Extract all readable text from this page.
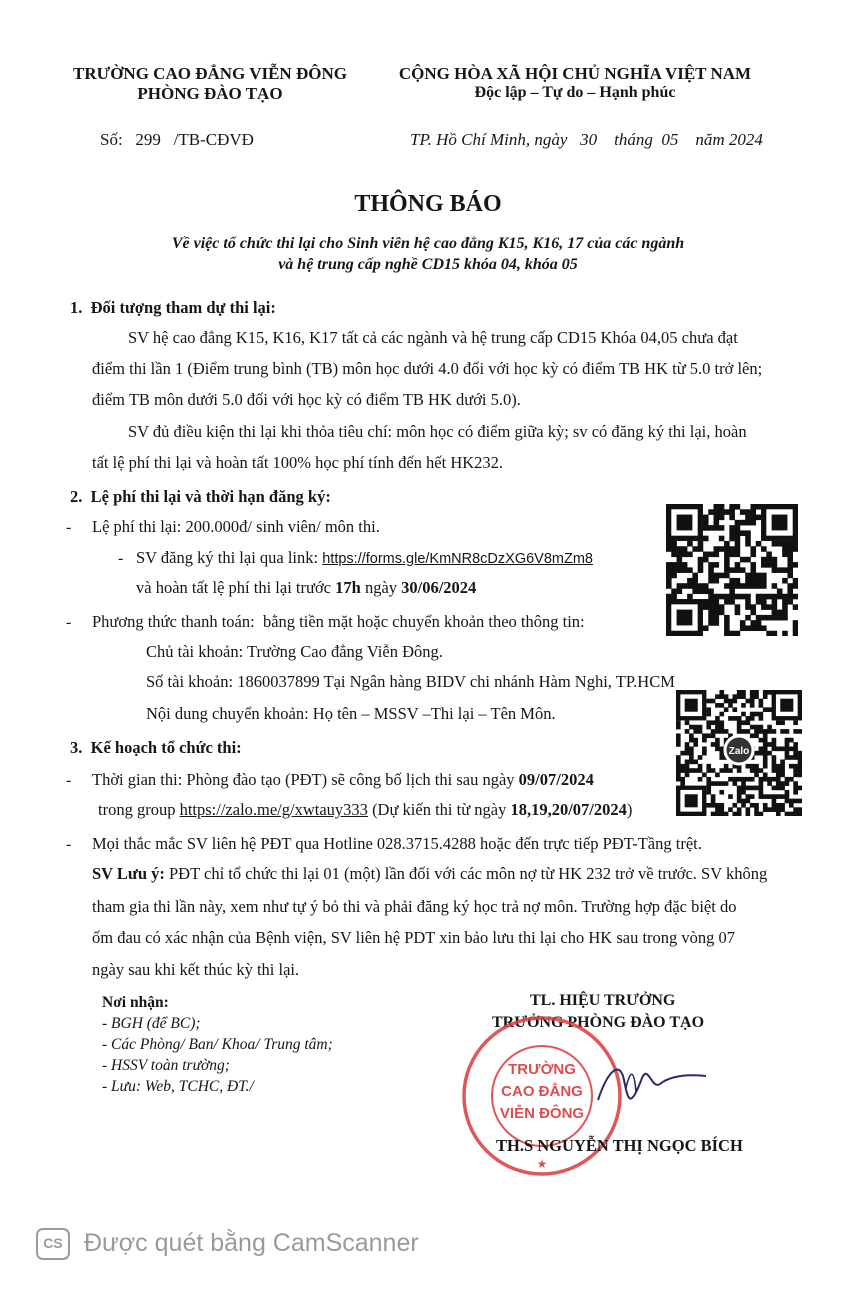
TRƯỜNG CAO ĐẲNG VIỄN ĐÔNG
PHÒNG ĐÀO TẠO
CỘNG HÒA XÃ HỘI CHỦ NGHĨA VIỆT NAM
Độc lập – Tự do – Hạnh phúc
Số:   299   /TB-CĐVĐ	TP. Hồ Chí Minh, ngày   30    tháng  05    năm 2024
THÔNG BÁO
Về việc tổ chức thi lại cho Sinh viên hệ cao đẳng K15, K16, 17 của các ngành
và hệ trung cấp nghề CD15 khóa 04, khóa 05
1.  Đối tượng tham dự thi lại:
SV hệ cao đẳng K15, K16, K17 tất cả các ngành và hệ trung cấp CD15 Khóa 04,05 chưa đạt
điểm thi lần 1 (Điểm trung bình (TB) môn học dưới 4.0 đối với học kỳ có điểm TB HK từ 5.0 trở lên;
điểm TB môn dưới 5.0 đối với học kỳ có điểm TB HK dưới 5.0).
SV đủ điều kiện thi lại khi thỏa tiêu chí: môn học có điểm giữa kỳ; sv có đăng ký thi lại, hoàn
tất lệ phí thi lại và hoàn tất 100% học phí tính đến hết HK232.
2.  Lệ phí thi lại và thời hạn đăng ký:
- Lệ phí thi lại: 200.000đ/ sinh viên/ môn thi.
- SV đăng ký thi lại qua link: https://forms.gle/KmNR8cDzXG6V8mZm8
và hoàn tất lệ phí thi lại trước 17h ngày 30/06/2024
- Phương thức thanh toán:  bằng tiền mặt hoặc chuyển khoản theo thông tin:
Chủ tài khoản: Trường Cao đẳng Viễn Đông.
Số tài khoản: 1860037899 Tại Ngân hàng BIDV chi nhánh Hàm Nghi, TP.HCM
Nội dung chuyển khoản: Họ tên – MSSV –Thi lại – Tên Môn.
Zalo
3.  Kế hoạch tổ chức thi:
- Thời gian thi: Phòng đào tạo (PĐT) sẽ công bố lịch thi sau ngày 09/07/2024
trong group https://zalo.me/g/xwtauy333 (Dự kiến thi từ ngày 18,19,20/07/2024)
- Mọi thắc mắc SV liên hệ PĐT qua Hotline 028.3715.4288 hoặc đến trực tiếp PĐT-Tầng trệt.
SV Lưu ý: PĐT chỉ tổ chức thi lại 01 (một) lần đối với các môn nợ từ HK 232 trở về trước. SV không
tham gia thi lần này, xem như tự ý bỏ thi và phải đăng ký học trả nợ môn. Trường hợp đặc biệt do
ốm đau có xác nhận của Bệnh viện, SV liên hệ PDT xin bảo lưu thi lại cho HK sau trong vòng 07
ngày sau khi kết thúc kỳ thi lại.
Nơi nhận:
- BGH (để BC);
- Các Phòng/ Ban/ Khoa/ Trung tâm;
- HSSV toàn trường;
- Lưu: Web, TCHC, ĐT./
TL. HIỆU TRƯỞNG
TRƯỞNG PHÒNG ĐÀO TẠO
TRƯỜNG
CAO ĐẲNG
VIỄN ĐÔNG
★
TH.S NGUYỄN THỊ NGỌC BÍCH
CS Được quét bằng CamScanner
